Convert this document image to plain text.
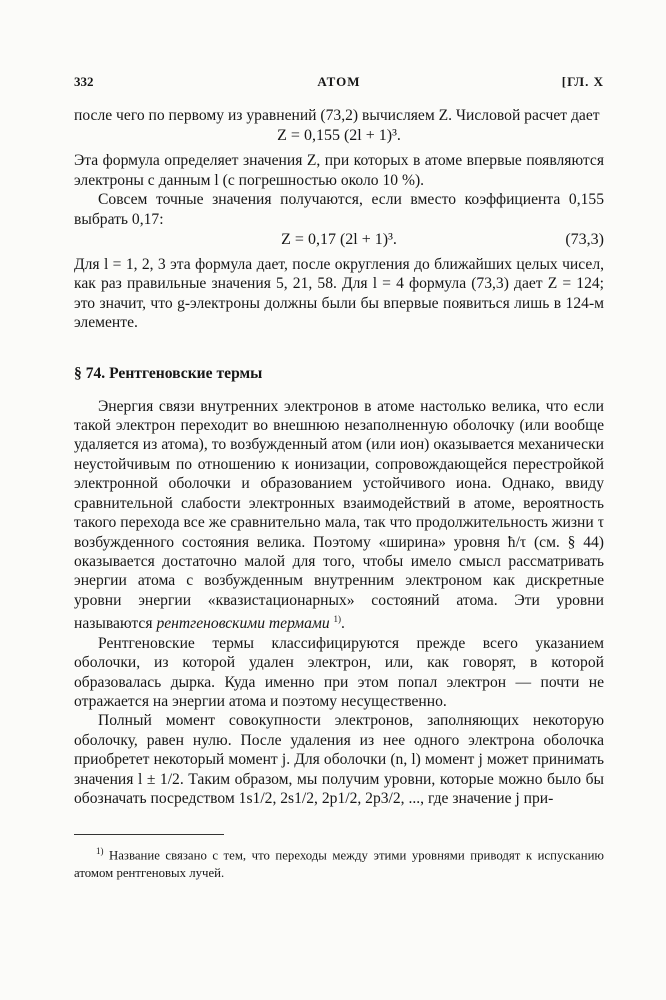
332	АТОМ	[ГЛ. X

после чего по первому из уравнений (73,2) вычисляем Z. Числовой расчет дает

Z = 0,155 (2l + 1)³.

Эта формула определяет значения Z, при которых в атоме впервые появляются электроны с данным l (с погрешностью около 10 %).

Совсем точные значения получаются, если вместо коэффициента 0,155 выбрать 0,17:

Z = 0,17 (2l + 1)³.	(73,3)

Для l = 1, 2, 3 эта формула дает, после округления до ближайших целых чисел, как раз правильные значения 5, 21, 58. Для l = 4 формула (73,3) дает Z = 124; это значит, что g-электроны должны были бы впервые появиться лишь в 124-м элементе.

§ 74. Рентгеновские термы

Энергия связи внутренних электронов в атоме настолько велика, что если такой электрон переходит во внешнюю незаполненную оболочку (или вообще удаляется из атома), то возбужденный атом (или ион) оказывается механически неустойчивым по отношению к ионизации, сопровождающейся перестройкой электронной оболочки и образованием устойчивого иона. Однако, ввиду сравнительной слабости электронных взаимодействий в атоме, вероятность такого перехода все же сравнительно мала, так что продолжительность жизни τ возбужденного состояния велика. Поэтому «ширина» уровня ħ/τ (см. § 44) оказывается достаточно малой для того, чтобы имело смысл рассматривать энергии атома с возбужденным внутренним электроном как дискретные уровни энергии «квазистационарных» состояний атома. Эти уровни называются рентгеновскими термами $^{1)}$.

Рентгеновские термы классифицируются прежде всего указанием оболочки, из которой удален электрон, или, как говорят, в которой образовалась дырка. Куда именно при этом попал электрон — почти не отражается на энергии атома и поэтому несущественно.

Полный момент совокупности электронов, заполняющих некоторую оболочку, равен нулю. После удаления из нее одного электрона оболочка приобретет некоторый момент j. Для оболочки (n, l) момент j может принимать значения l ± 1/2. Таким образом, мы получим уровни, которые можно было бы обозначать посредством 1s1/2, 2s1/2, 2p1/2, 2p3/2, ..., где значение j при-

$^{1)}$ Название связано с тем, что переходы между этими уровнями приводят к испусканию атомом рентгеновых лучей.
